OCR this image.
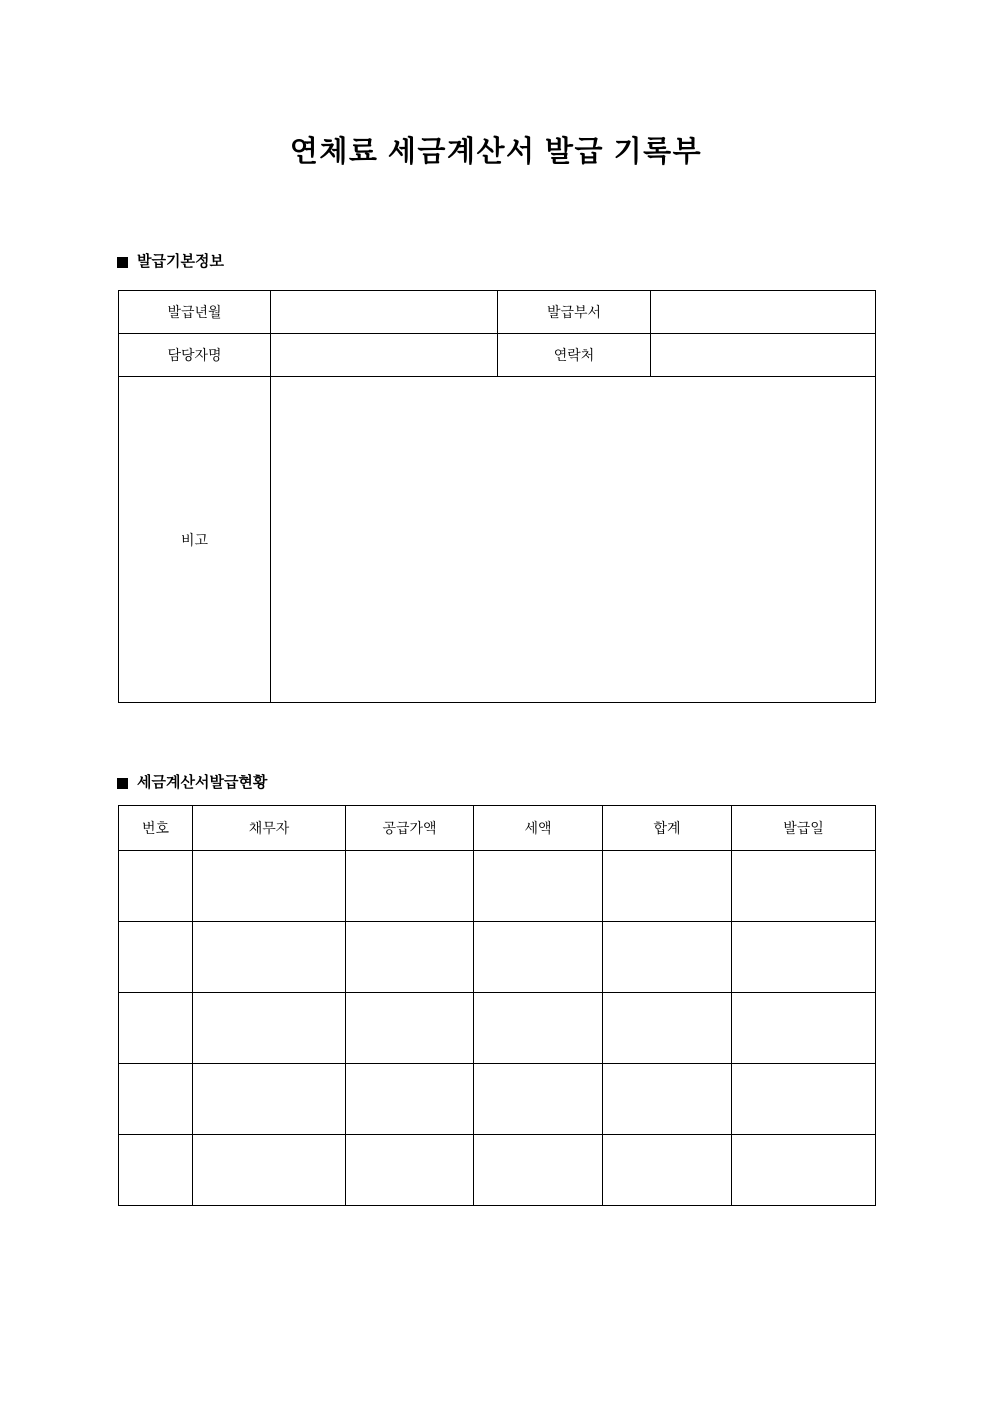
연체료 세금계산서 발급 기록부
발급기본정보
발급년월		발급부서	
담당자명		연락처	
비고			
세금계산서발급현황
번호	채무자	공급가액	세액	합계	발급일
